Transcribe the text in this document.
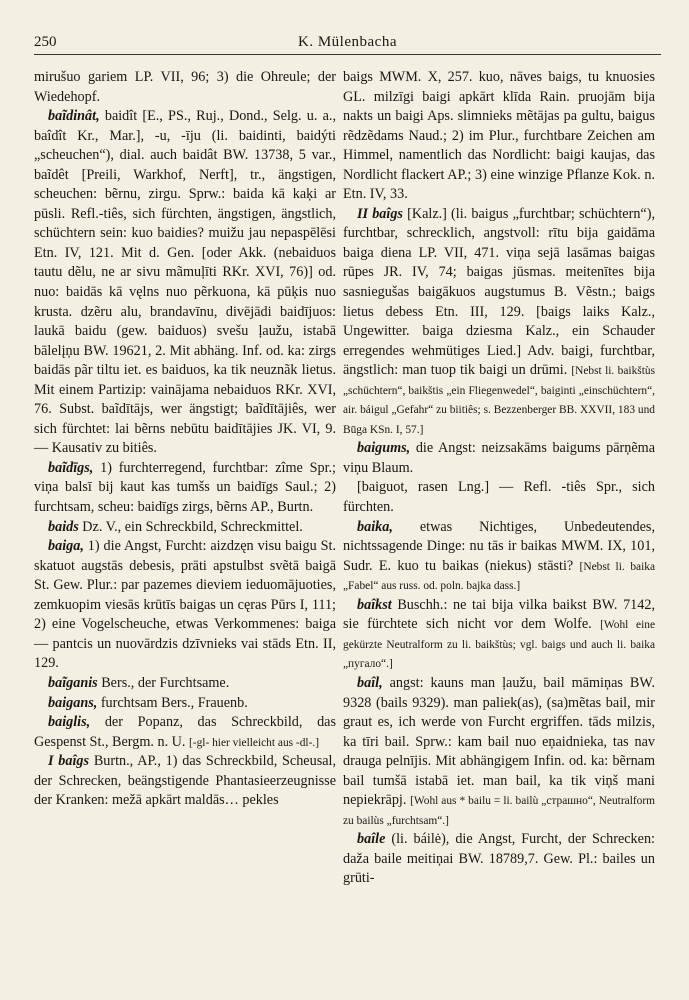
250	K. Mülenbacha

mirušuo gariem LP. VII, 96; 3) die Ohreule; der Wiedehopf.

baĩdinât, baidît [E., PS., Ruj., Dond., Selg. u. a., baîdît Kr., Mar.], -u, -īju (li. baidinti, baidýti „scheuchen“), dial. auch baidât BW. 13738, 5 var., baĩdêt [Preili, Warkhof, Nerft], tr., ängstigen, scheuchen: bẽrnu, zirgu. Sprw.: baida kā kaķi ar pūsli. Refl.-tiês, sich fürchten, ängstigen, ängstlich, schüchtern sein: kuo baidies? muižu jau nepaspēlēsi Etn. IV, 121. Mit d. Gen. [oder Akk. (nebaiduos tautu dẽlu, ne ar sivu mãmuļīti RKr. XVI, 76)] od. nuo: baidās kā vęlns nuo pẽrkuona, kā pūķis nuo krusta. dzẽru alu, brandavīnu, divējādi baidījuos: laukā baidu (gew. baiduos) svešu ļaužu, istabā bālelįņu BW. 19621, 2. Mit abhäng. Inf. od. ka: zirgs baidās pãr tiltu iet. es baiduos, ka tik neuznãk lietus. Mit einem Partizip: vainājama nebaiduos RKr. XVI, 76. Subst. baĩdītājs, wer ängstigt; baĩdītājiês, wer sich fürchtet: lai bẽrns nebūtu baidītājies JK. VI, 9. — Kausativ zu bitiês.

baĩdīgs, 1) furchterregend, furchtbar: zîme Spr.; viņa balsī bij kaut kas tumšs un baidīgs Saul.; 2) furchtsam, scheu: baidīgs zirgs, bẽrns AP., Burtn.

baids Dz. V., ein Schreckbild, Schreckmittel.

baiga, 1) die Angst, Furcht: aizdzęn visu baigu St. skatuot augstās debesis, prāti apstulbst svẽtā baigā St. Gew. Plur.: par pazemes dieviem ieduomājuoties, zemkuopim viesās krūtīs baigas un cęras Pūrs I, 111; 2) eine Vogelscheuche, etwas Verkommenes: baiga — pantcis un nuovārdzis dzīvnieks vai stāds Etn. II, 129.

baĩganis Bers., der Furchtsame.

baigans, furchtsam Bers., Frauenb.

baiglis, der Popanz, das Schreckbild, das Gespenst St., Bergm. n. U. [-gl- hier vielleicht aus -dl-.]

I baîgs Burtn., AP., 1) das Schreckbild, Scheusal, der Schrecken, beängstigende Phantasieerzeugnisse der Kranken: mežā apkārt maldās… pekles

baigs MWM. X, 257. kuo, nāves baigs, tu knuosies GL. milzīgi baigi apkārt klīda Rain. pruojām bija nakts un baigi Aps. slimnieks mẽtājas pa gultu, baigus rẽdzẽdams Naud.; 2) im Plur., furchtbare Zeichen am Himmel, namentlich das Nordlicht: baigi kaujas, das Nordlicht flackert AP.; 3) eine winzige Pflanze Kok. n. Etn. IV, 33.

II baîgs [Kalz.] (li. baigus „furchtbar; schüchtern“), furchtbar, schrecklich, angstvoll: rītu bija gaidāma baiga diena LP. VII, 471. viņa sejā lasāmas baigas rūpes JR. IV, 74; baigas jūsmas. meitenītes bija sasniegušas baigākuos augstumus B. Vẽstn.; baigs lietus debess Etn. III, 129. [baigs laiks Kalz., Ungewitter. baiga dziesma Kalz., ein Schauder erregendes wehmütiges Lied.] Adv. baigi, furchtbar, ängstlich: man tuop tik baigi un drūmi. [Nebst li. baikštùs „schüchtern“, baikštis „ein Fliegenwedel“, baiginti „einschüchtern“, air. báigul „Gefahr“ zu biitiês; s. Bezzenberger BB. XXVII, 183 und Būga KSn. I, 57.]

baigums, die Angst: neizsakāms baigums pārņẽma viņu Blaum.

[baiguot, rasen Lng.] — Refl. -tiês Spr., sich fürchten.

baika, etwas Nichtiges, Unbedeutendes, nichtssagende Dinge: nu tās ir baikas MWM. IX, 101, Sudr. E. kuo tu baikas (niekus) stāsti? [Nebst li. baika „Fabel“ aus russ. od. poln. bajka dass.]

baîkst Buschh.: ne tai bija vilka baikst BW. 7142, sie fürchtete sich nicht vor dem Wolfe. [Wohl eine gekürzte Neutralform zu li. baikštùs; vgl. baigs und auch li. baika „пугало“.]

baîl, angst: kauns man ļaužu, bail māmiņas BW. 9328 (bails 9329). man paliek(as), (sa)mẽtas bail, mir graut es, ich werde von Furcht ergriffen. tāds milzis, ka tīri bail. Sprw.: kam bail nuo eņaidnieka, tas nav drauga pelnījis. Mit abhängigem Infin. od. ka: bẽrnam bail tumšā istabā iet. man bail, ka tik viņš mani nepiekrāpj. [Wohl aus * bailu = li. bailù „страшно“, Neutralform zu bailùs „furchtsam“.]

baîle (li. báilė), die Angst, Furcht, der Schrecken: daža baile meitiņai BW. 18789,7. Gew. Pl.: bailes un grūti-
